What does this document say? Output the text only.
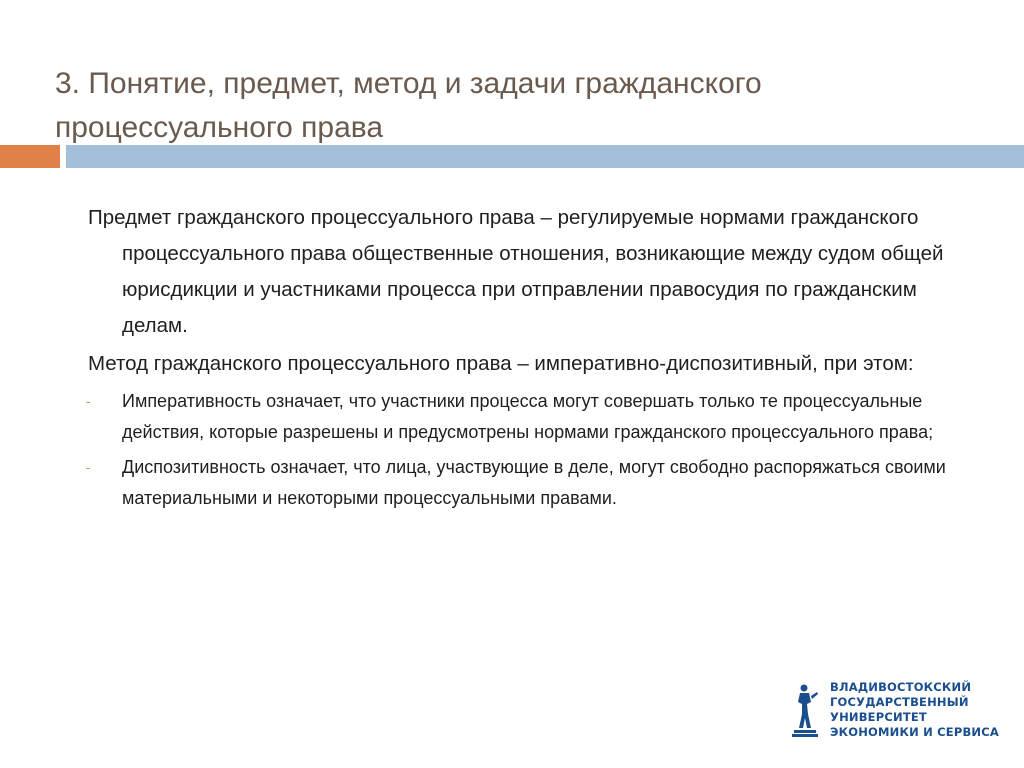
3. Понятие, предмет, метод и задачи гражданского процессуального права

Предмет гражданского процессуального права – регулируемые нормами гражданского процессуального права общественные отношения, возникающие между судом общей юрисдикции и участниками процесса при отправлении правосудия по гражданским делам.

Метод гражданского процессуального права – императивно-диспозитивный, при этом:

- Императивность означает, что участники процесса могут совершать только те процессуальные действия, которые разрешены и предусмотрены нормами гражданского процессуального права;
- Диспозитивность означает, что лица, участвующие в деле, могут свободно распоряжаться своими материальными и некоторыми процессуальными правами.
ВЛАДИВОСТОКСКИЙ
ГОСУДАРСТВЕННЫЙ
УНИВЕРСИТЕТ
ЭКОНОМИКИ И СЕРВИСА
